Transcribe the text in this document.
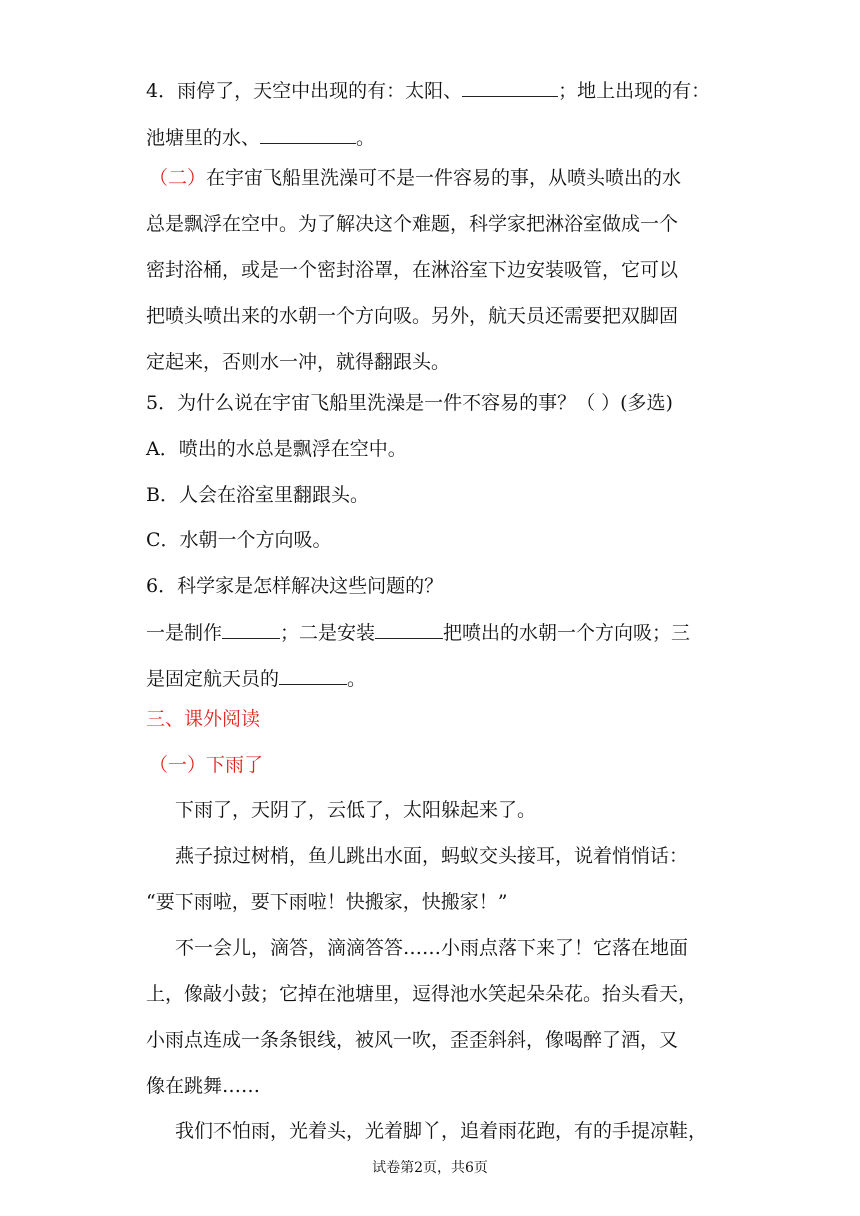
4．雨停了，天空中出现的有：太阳、	；地上出现的有：
池塘里的水、	。
（二）在宇宙飞船里洗澡可不是一件容易的事，从喷头喷出的水
总是飘浮在空中。为了解决这个难题，科学家把淋浴室做成一个
密封浴桶，或是一个密封浴罩，在淋浴室下边安装吸管，它可以
把喷头喷出来的水朝一个方向吸。另外，航天员还需要把双脚固
定起来，否则水一冲，就得翻跟头。
5．为什么说在宇宙飞船里洗澡是一件不容易的事？（ ）(多选)
A．喷出的水总是飘浮在空中。
B．人会在浴室里翻跟头。
C．水朝一个方向吸。
6．科学家是怎样解决这些问题的？
一是制作	；二是安装	把喷出的水朝一个方向吸；三
是固定航天员的	。
三、课外阅读
（一）下雨了
下雨了，天阴了，云低了，太阳躲起来了。
燕子掠过树梢，鱼儿跳出水面，蚂蚁交头接耳，说着悄悄话：
“要下雨啦，要下雨啦！快搬家，快搬家！”
不一会儿，滴答，滴滴答答……小雨点落下来了！它落在地面
上，像敲小鼓；它掉在池塘里，逗得池水笑起朵朵花。抬头看天，
小雨点连成一条条银线，被风一吹，歪歪斜斜，像喝醉了酒，又
像在跳舞……
我们不怕雨，光着头，光着脚丫，追着雨花跑，有的手提凉鞋，
试卷第2页，共6页
